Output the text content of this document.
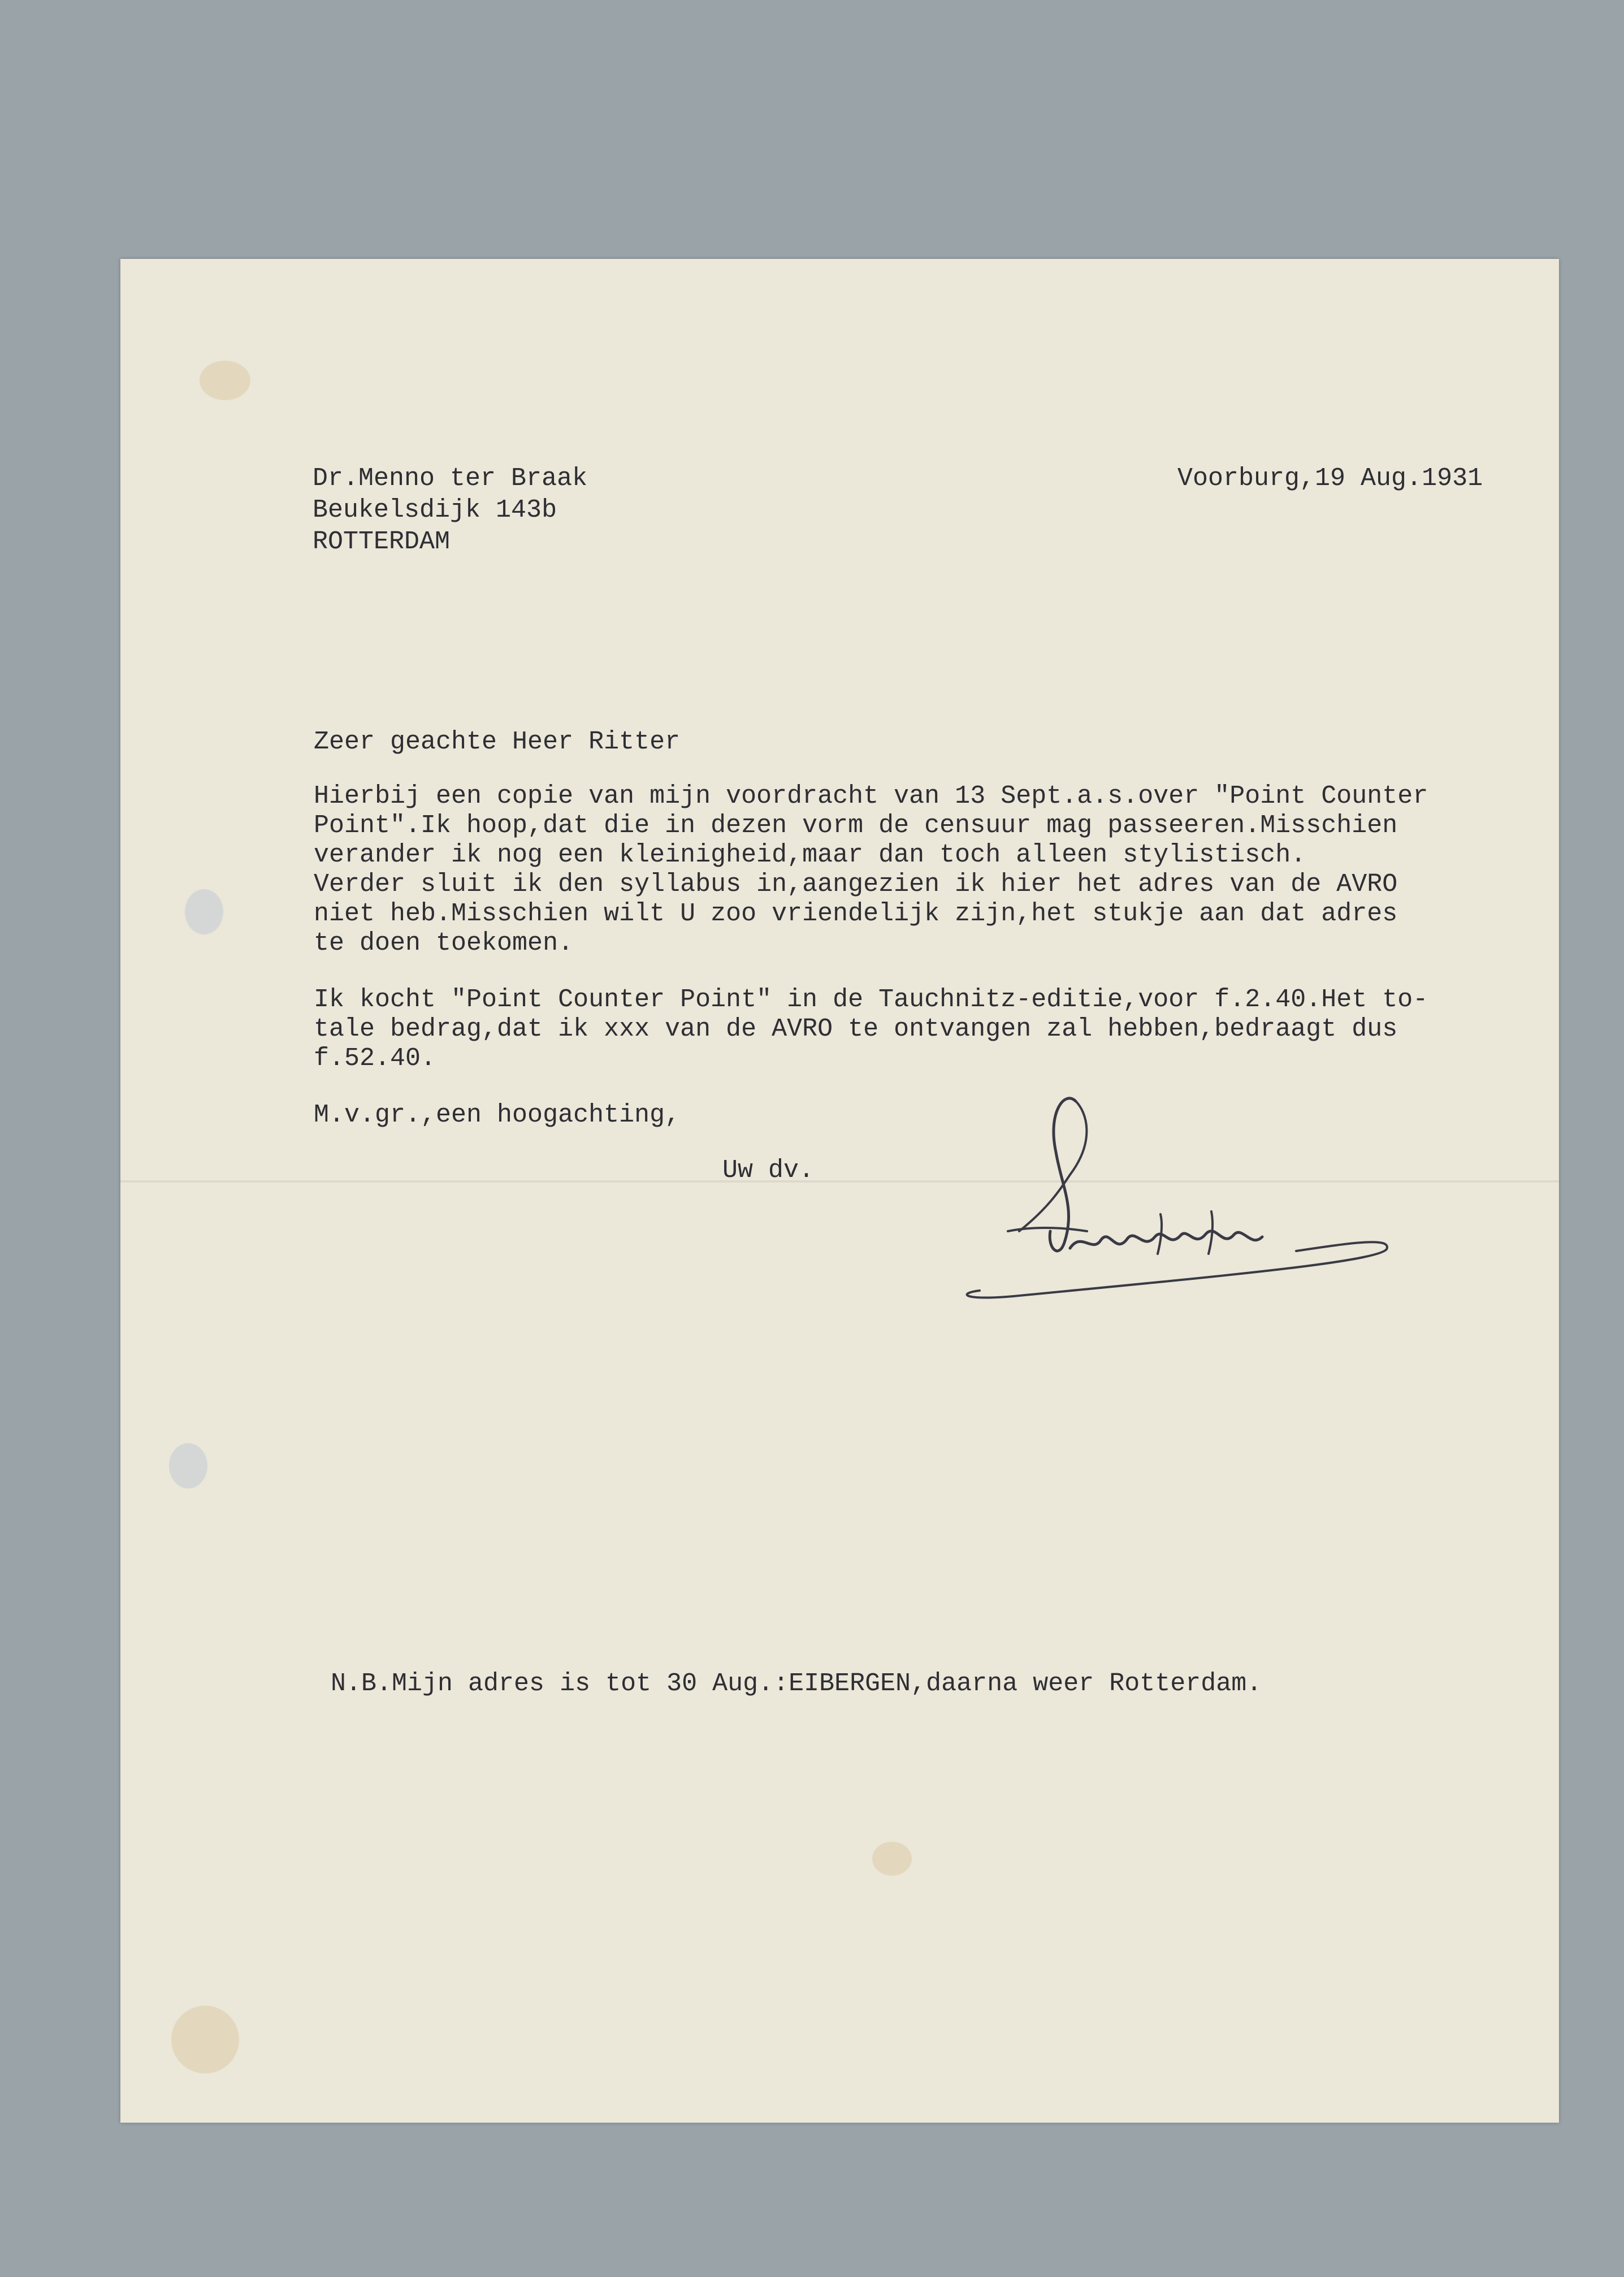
Dr.Menno ter Braak
Beukelsdijk 143b
ROTTERDAM
Voorburg,19 Aug.1931
Zeer geachte Heer Ritter
Hierbij een copie van mijn voordracht van 13 Sept.a.s.over "Point Counter
Point".Ik hoop,dat die in dezen vorm de censuur mag passeeren.Misschien
verander ik nog een kleinigheid,maar dan toch alleen stylistisch.
Verder sluit ik den syllabus in,aangezien ik hier het adres van de AVRO
niet heb.Misschien wilt U zoo vriendelijk zijn,het stukje aan dat adres
te doen toekomen.
Ik kocht "Point Counter Point" in de Tauchnitz-editie,voor f.2.40.Het to-
tale bedrag,dat ik xxx van de AVRO te ontvangen zal hebben,bedraagt dus
f.52.40.
M.v.gr.,een hoogachting,
Uw dv.
N.B.Mijn adres is tot 30 Aug.:EIBERGEN,daarna weer Rotterdam.
